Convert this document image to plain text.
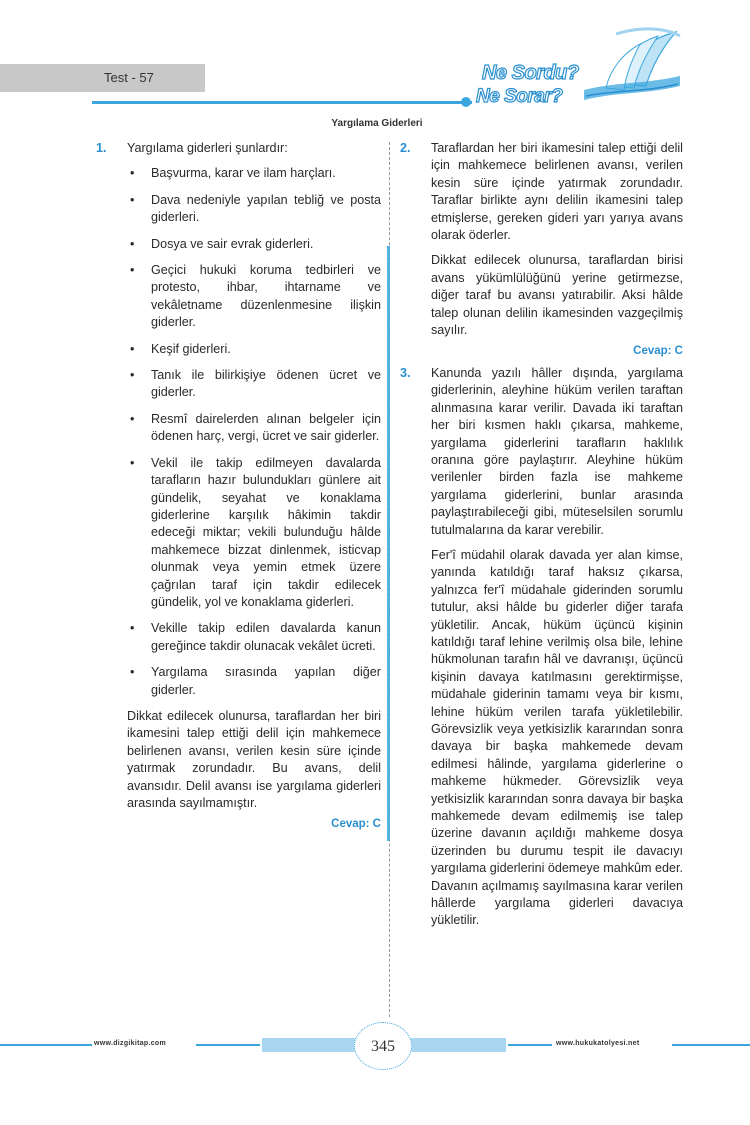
Test - 57	Ne Sordu?
Ne Sorar?
Yargılama Giderleri
1.	Yargılama giderleri şunlardır:
• Başvurma, karar ve ilam harçları.
• Dava nedeniyle yapılan tebliğ ve posta giderleri.
• Dosya ve sair evrak giderleri.
• Geçici hukuki koruma tedbirleri ve protesto, ihbar, ihtarname ve vekâletname düzenlenmesine ilişkin giderler.
• Keşif giderleri.
• Tanık ile bilirkişiye ödenen ücret ve giderler.
• Resmî dairelerden alınan belgeler için ödenen harç, vergi, ücret ve sair giderler.
• Vekil ile takip edilmeyen davalarda tarafların hazır bulundukları günlere ait gündelik, seyahat ve konaklama giderlerine karşılık hâkimin takdir edeceği miktar; vekili bulunduğu hâlde mahkemece bizzat dinlenmek, isticvap olunmak veya yemin etmek üzere çağrılan taraf için takdir edilecek gündelik, yol ve konaklama giderleri.
• Vekille takip edilen davalarda kanun gereğince takdir olunacak vekâlet ücreti.
• Yargılama sırasında yapılan diğer giderler.

Dikkat edilecek olunursa, taraflardan her biri ikamesini talep ettiği delil için mahkemece belirlenen avansı, verilen kesin süre içinde yatırmak zorundadır. Bu avans, delil avansıdır. Delil avansı ise yargılama giderleri arasında sayılmamıştır.

Cevap: C
2.	Taraflardan her biri ikamesini talep ettiği delil için mahkemece belirlenen avansı, verilen kesin süre içinde yatırmak zorundadır. Taraflar birlikte aynı delilin ikamesini talep etmişlerse, gereken gideri yarı yarıya avans olarak öderler.

Dikkat edilecek olunursa, taraflardan birisi avans yükümlülüğünü yerine getirmezse, diğer taraf bu avansı yatırabilir. Aksi hâlde talep olunan delilin ikamesinden vazgeçilmiş sayılır.

Cevap: C
3.	Kanunda yazılı hâller dışında, yargılama giderlerinin, aleyhine hüküm verilen taraftan alınmasına karar verilir. Davada iki taraftan her biri kısmen haklı çıkarsa, mahkeme, yargılama giderlerini tarafların haklılık oranına göre paylaştırır. Aleyhine hüküm verilenler birden fazla ise mahkeme yargılama giderlerini, bunlar arasında paylaştırabileceği gibi, müteselsilen sorumlu tutulmalarına da karar verebilir.

Fer'î müdahil olarak davada yer alan kimse, yanında katıldığı taraf haksız çıkarsa, yalnızca fer'î müdahale giderinden sorumlu tutulur, aksi hâlde bu giderler diğer tarafa yükletilir. Ancak, hüküm üçüncü kişinin katıldığı taraf lehine verilmiş olsa bile, lehine hükmolunan tarafın hâl ve davranışı, üçüncü kişinin davaya katılmasını gerektirmişse, müdahale giderinin tamamı veya bir kısmı, lehine hüküm verilen tarafa yükletilebilir. Görevsizlik veya yetkisizlik kararından sonra davaya bir başka mahkemede devam edilmesi hâlinde, yargılama giderlerine o mahkeme hükmeder. Görevsizlik veya yetkisizlik kararından sonra davaya bir başka mahkemede devam edilmemiş ise talep üzerine davanın açıldığı mahkeme dosya üzerinden bu durumu tespit ile davacıyı yargılama giderlerini ödemeye mahkûm eder. Davanın açılmamış sayılmasına karar verilen hâllerde yargılama giderleri davacıya yükletilir.

www.dizgikitap.com	www.hukukatolyesi.net
345
